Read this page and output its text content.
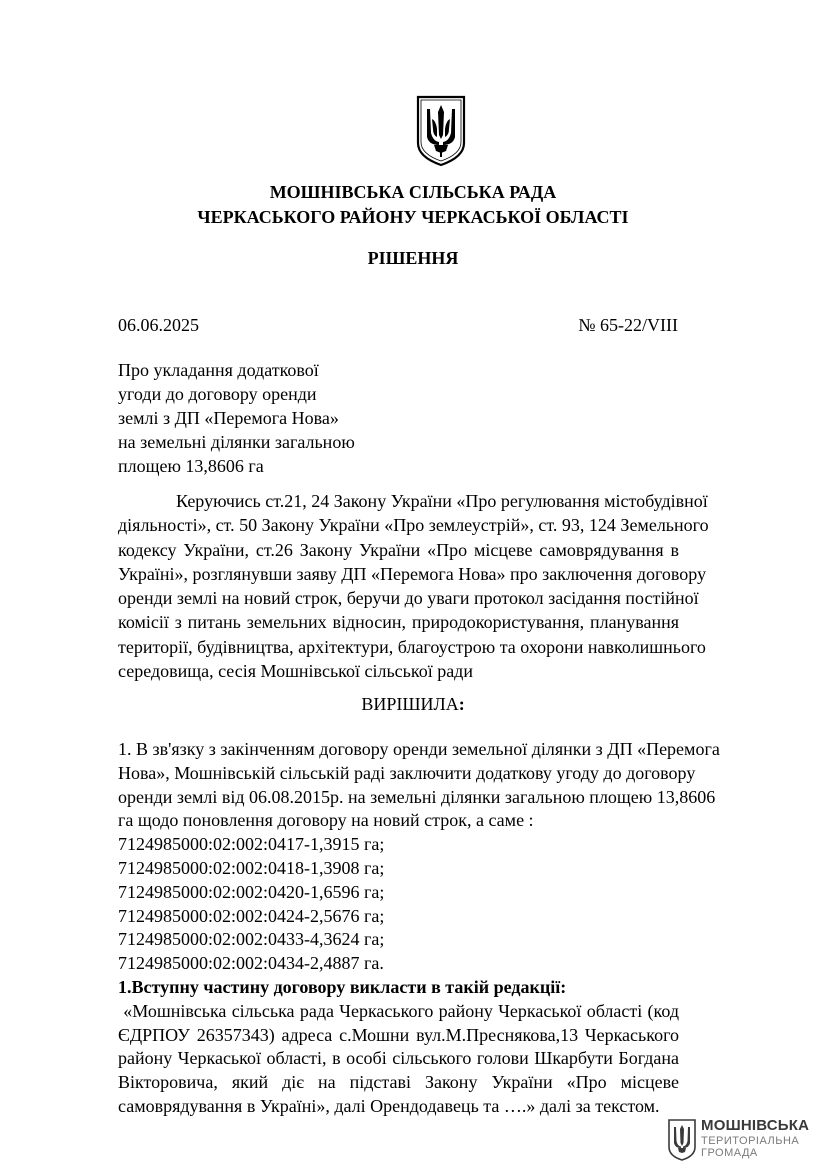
МОШНІВСЬКА СІЛЬСЬКА РАДА
ЧЕРКАСЬКОГО РАЙОНУ ЧЕРКАСЬКОЇ ОБЛАСТІ
РІШЕННЯ
06.06.2025	№ 65-22/VIII
Про укладання додаткової
угоди до договору оренди
землі з ДП «Перемога Нова»
на земельні ділянки загальною
площею 13,8606 га
Керуючись ст.21, 24 Закону України «Про регулювання містобудівної
діяльності», ст. 50 Закону України «Про землеустрій», ст. 93, 124 Земельного
кодексу України, ст.26 Закону України «Про місцеве самоврядування в
Україні», розглянувши заяву ДП «Перемога Нова» про заключення договору
оренди землі на новий строк, беручи до уваги протокол засідання постійної
комісії з питань земельних відносин, природокористування, планування
території, будівництва, архітектури, благоустрою та охорони навколишнього
середовища, сесія Мошнівської сільської ради
ВИРІШИЛА:
1. В зв'язку з закінченням договору оренди земельної ділянки з ДП «Перемога
Нова», Мошнівській сільській раді заключити додаткову угоду до договору
оренди землі від 06.08.2015р. на земельні ділянки загальною площею 13,8606
га щодо поновлення договору на новий строк, а саме :
7124985000:02:002:0417-1,3915 га;
7124985000:02:002:0418-1,3908 га;
7124985000:02:002:0420-1,6596 га;
7124985000:02:002:0424-2,5676 га;
7124985000:02:002:0433-4,3624 га;
7124985000:02:002:0434-2,4887 га.
1.Вступну частину договору викласти в такій редакції:
«Мошнівська сільська рада Черкаського району Черкаської області (код
ЄДРПОУ 26357343) адреса с.Мошни вул.М.Преснякова,13 Черкаського
району Черкаської області, в особі сільського голови Шкарбути Богдана
Вікторовича, який діє на підставі Закону України «Про місцеве
самоврядування в Україні», далі Орендодавець та ….» далі за текстом.
МОШНІВСЬКА
ТЕРИТОРІАЛЬНА
ГРОМАДА
